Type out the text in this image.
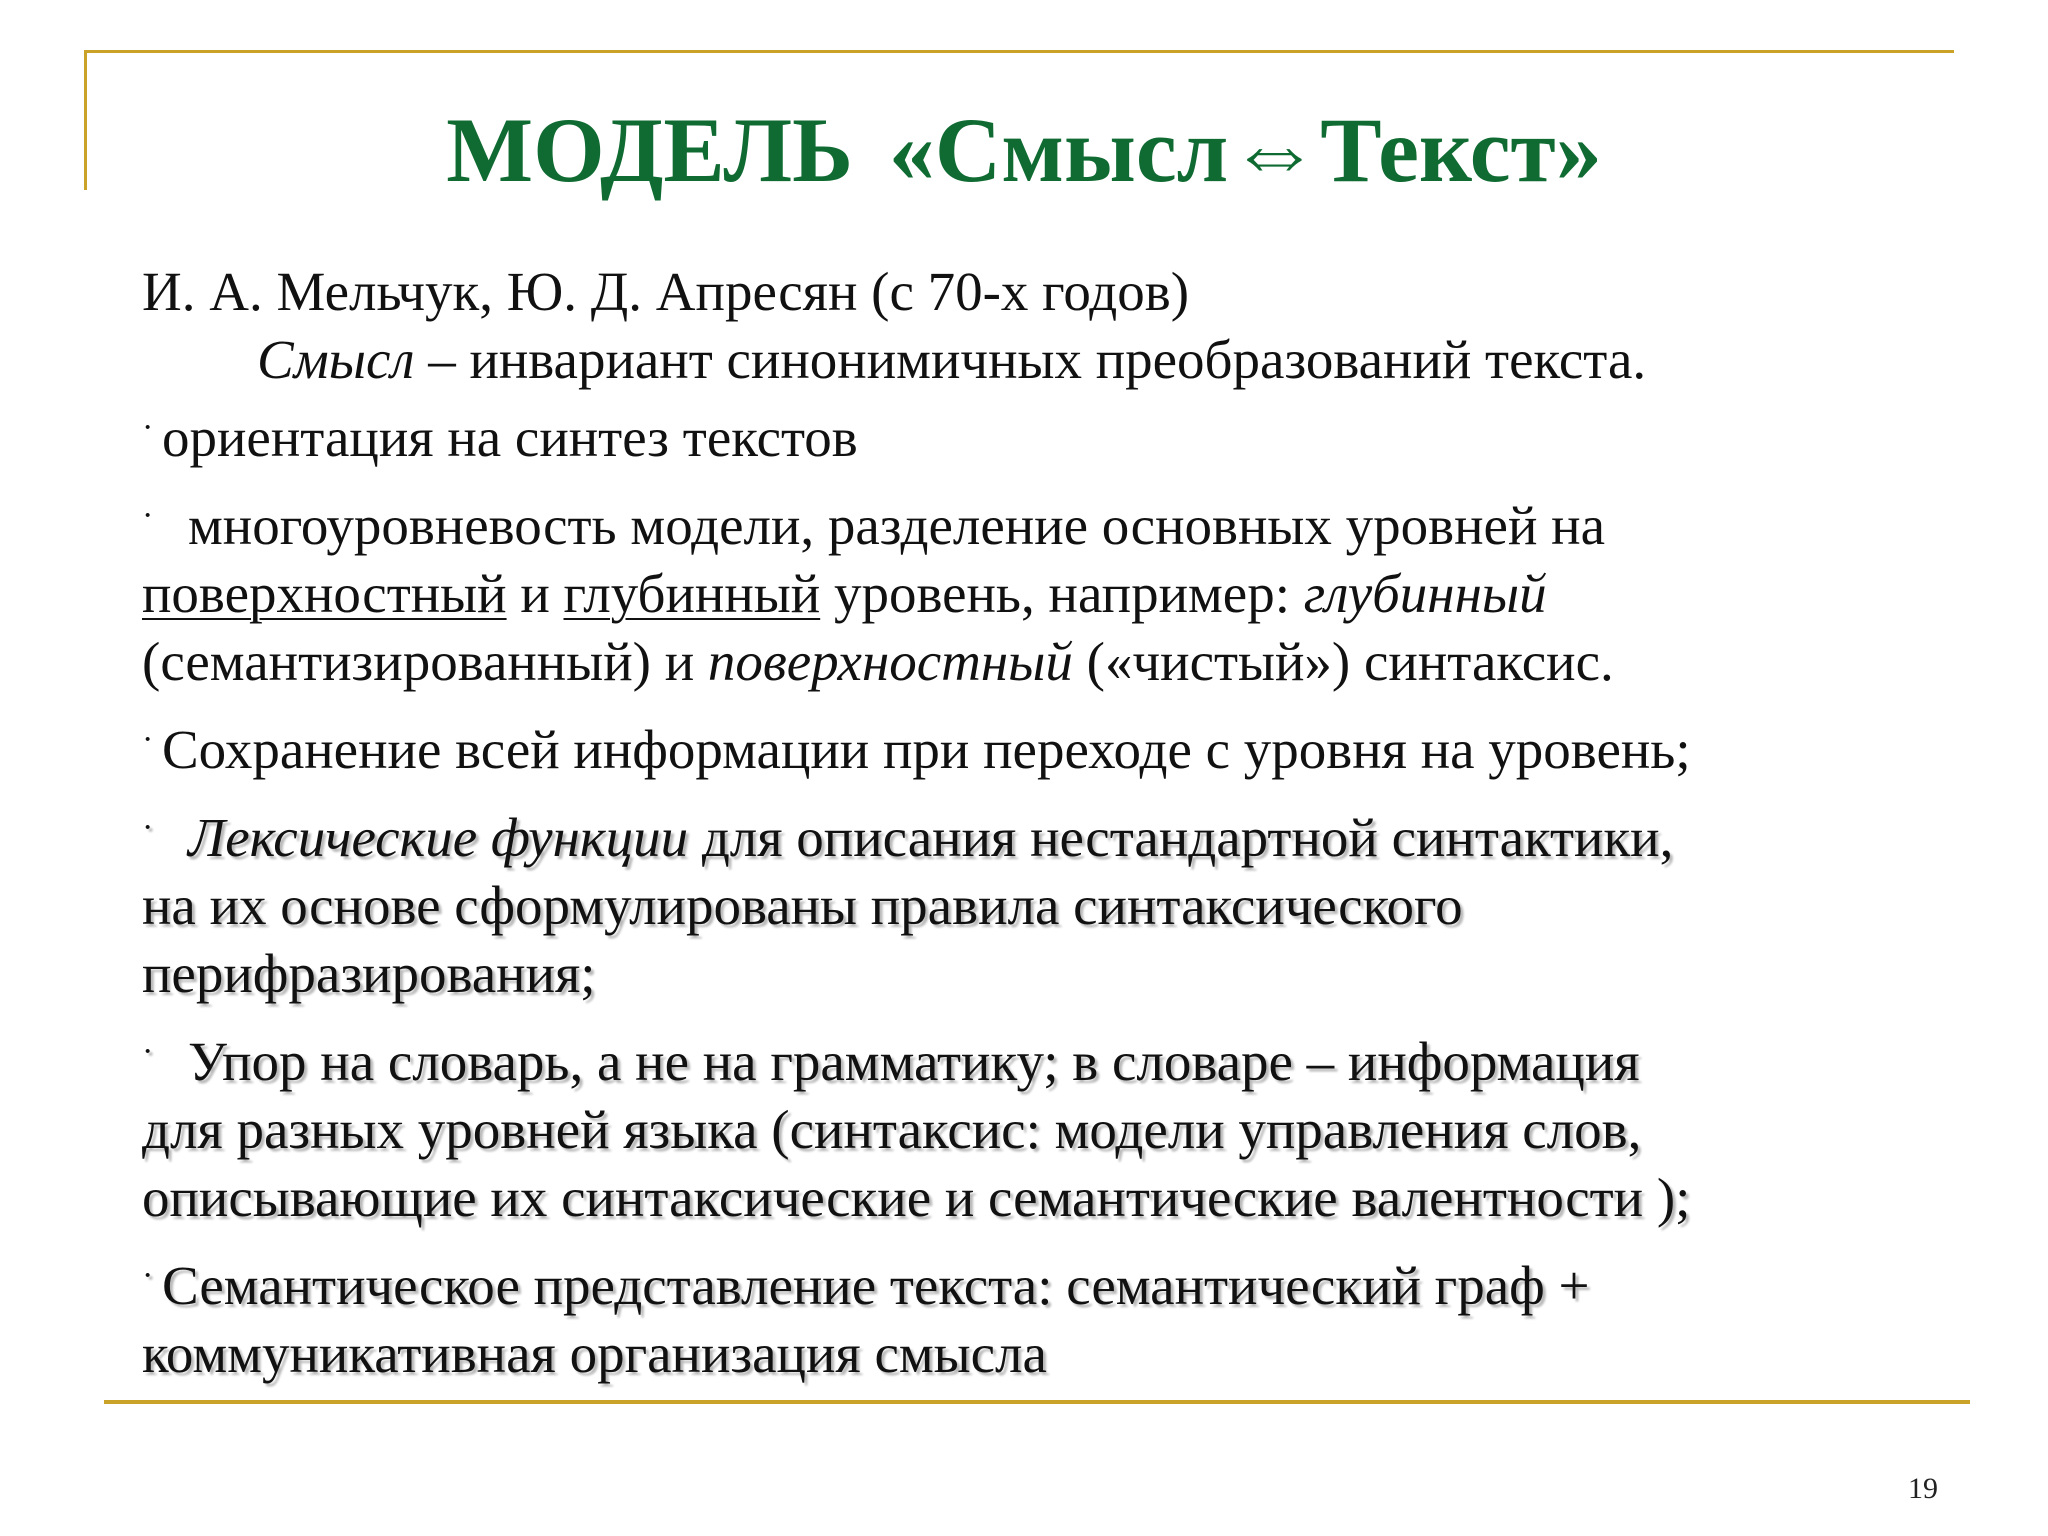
МОДЕЛЬ «Смысл⇔Текст»
И. А. Мельчук, Ю. Д. Апресян (с 70-х годов)
Смысл – инвариант синонимичных преобразований текста.
· ориентация на синтез текстов
· многоуровневость модели, разделение основных уровней на
поверхностный и глубинный уровень, например: глубинный
(семантизированный) и поверхностный («чистый») синтаксис.
· Сохранение всей информации при переходе с уровня на уровень;
· Лексические функции для описания нестандартной синтактики,
на их основе сформулированы правила синтаксического
перифразирования;
· Упор на словарь, а не на грамматику; в словаре – информация
для разных уровней языка (синтаксис: модели управления слов,
описывающие их синтаксические и семантические валентности );
· Семантическое представление текста: семантический граф +
коммуникативная организация смысла
19
